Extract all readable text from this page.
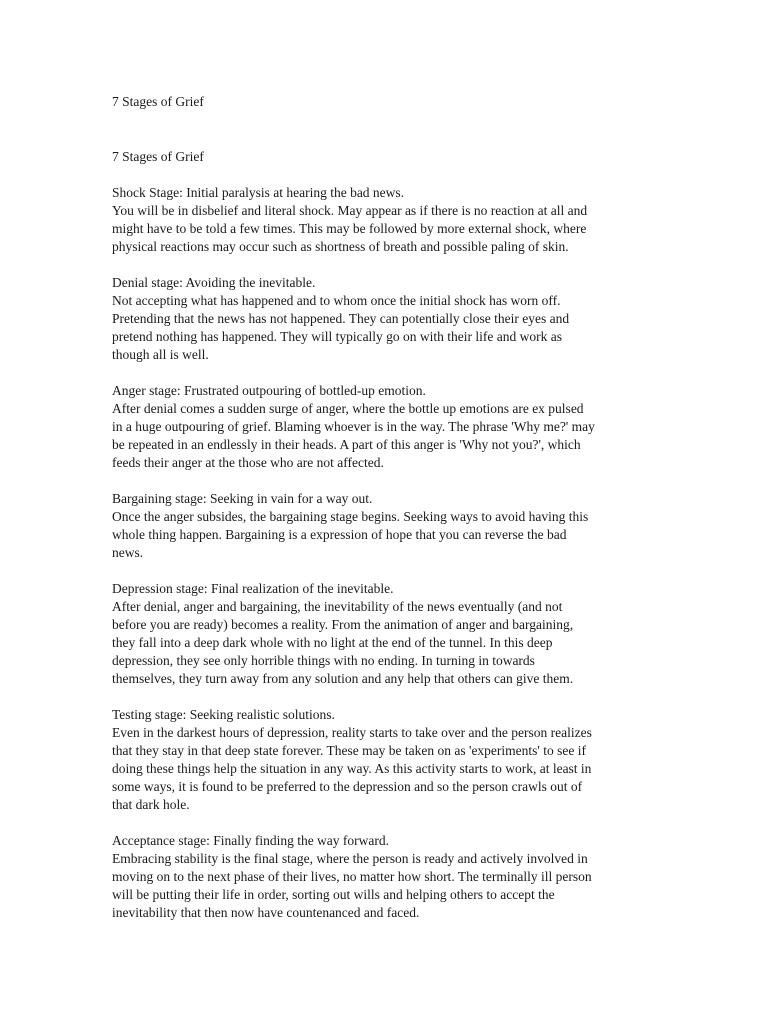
7 Stages of Grief
7 Stages of Grief
Shock Stage: Initial paralysis at hearing the bad news.
You will be in disbelief and literal shock. May appear as if there is no reaction at all and
might have to be told a few times. This may be followed by more external shock, where
physical reactions may occur such as shortness of breath and possible paling of skin.
Denial stage: Avoiding the inevitable.
Not accepting what has happened and to whom once the initial shock has worn off.
Pretending that the news has not happened. They can potentially close their eyes and
pretend nothing has happened. They will typically go on with their life and work as
though all is well.
Anger stage: Frustrated outpouring of bottled-up emotion.
After denial comes a sudden surge of anger, where the bottle up emotions are ex pulsed
in a huge outpouring of grief. Blaming whoever is in the way. The phrase 'Why me?' may
be repeated in an endlessly in their heads. A part of this anger is 'Why not you?', which
feeds their anger at the those who are not affected.
Bargaining stage: Seeking in vain for a way out.
Once the anger subsides, the bargaining stage begins. Seeking ways to avoid having this
whole thing happen. Bargaining is a expression of hope that you can reverse the bad
news.
Depression stage: Final realization of the inevitable.
After denial, anger and bargaining, the inevitability of the news eventually (and not
before you are ready) becomes a reality. From the animation of anger and bargaining,
they fall into a deep dark whole with no light at the end of the tunnel. In this deep
depression, they see only horrible things with no ending. In turning in towards
themselves, they turn away from any solution and any help that others can give them.
Testing stage: Seeking realistic solutions.
Even in the darkest hours of depression, reality starts to take over and the person realizes
that they stay in that deep state forever. These may be taken on as 'experiments' to see if
doing these things help the situation in any way. As this activity starts to work, at least in
some ways, it is found to be preferred to the depression and so the person crawls out of
that dark hole.
Acceptance stage: Finally finding the way forward.
Embracing stability is the final stage, where the person is ready and actively involved in
moving on to the next phase of their lives, no matter how short. The terminally ill person
will be putting their life in order, sorting out wills and helping others to accept the
inevitability that then now have countenanced and faced.
